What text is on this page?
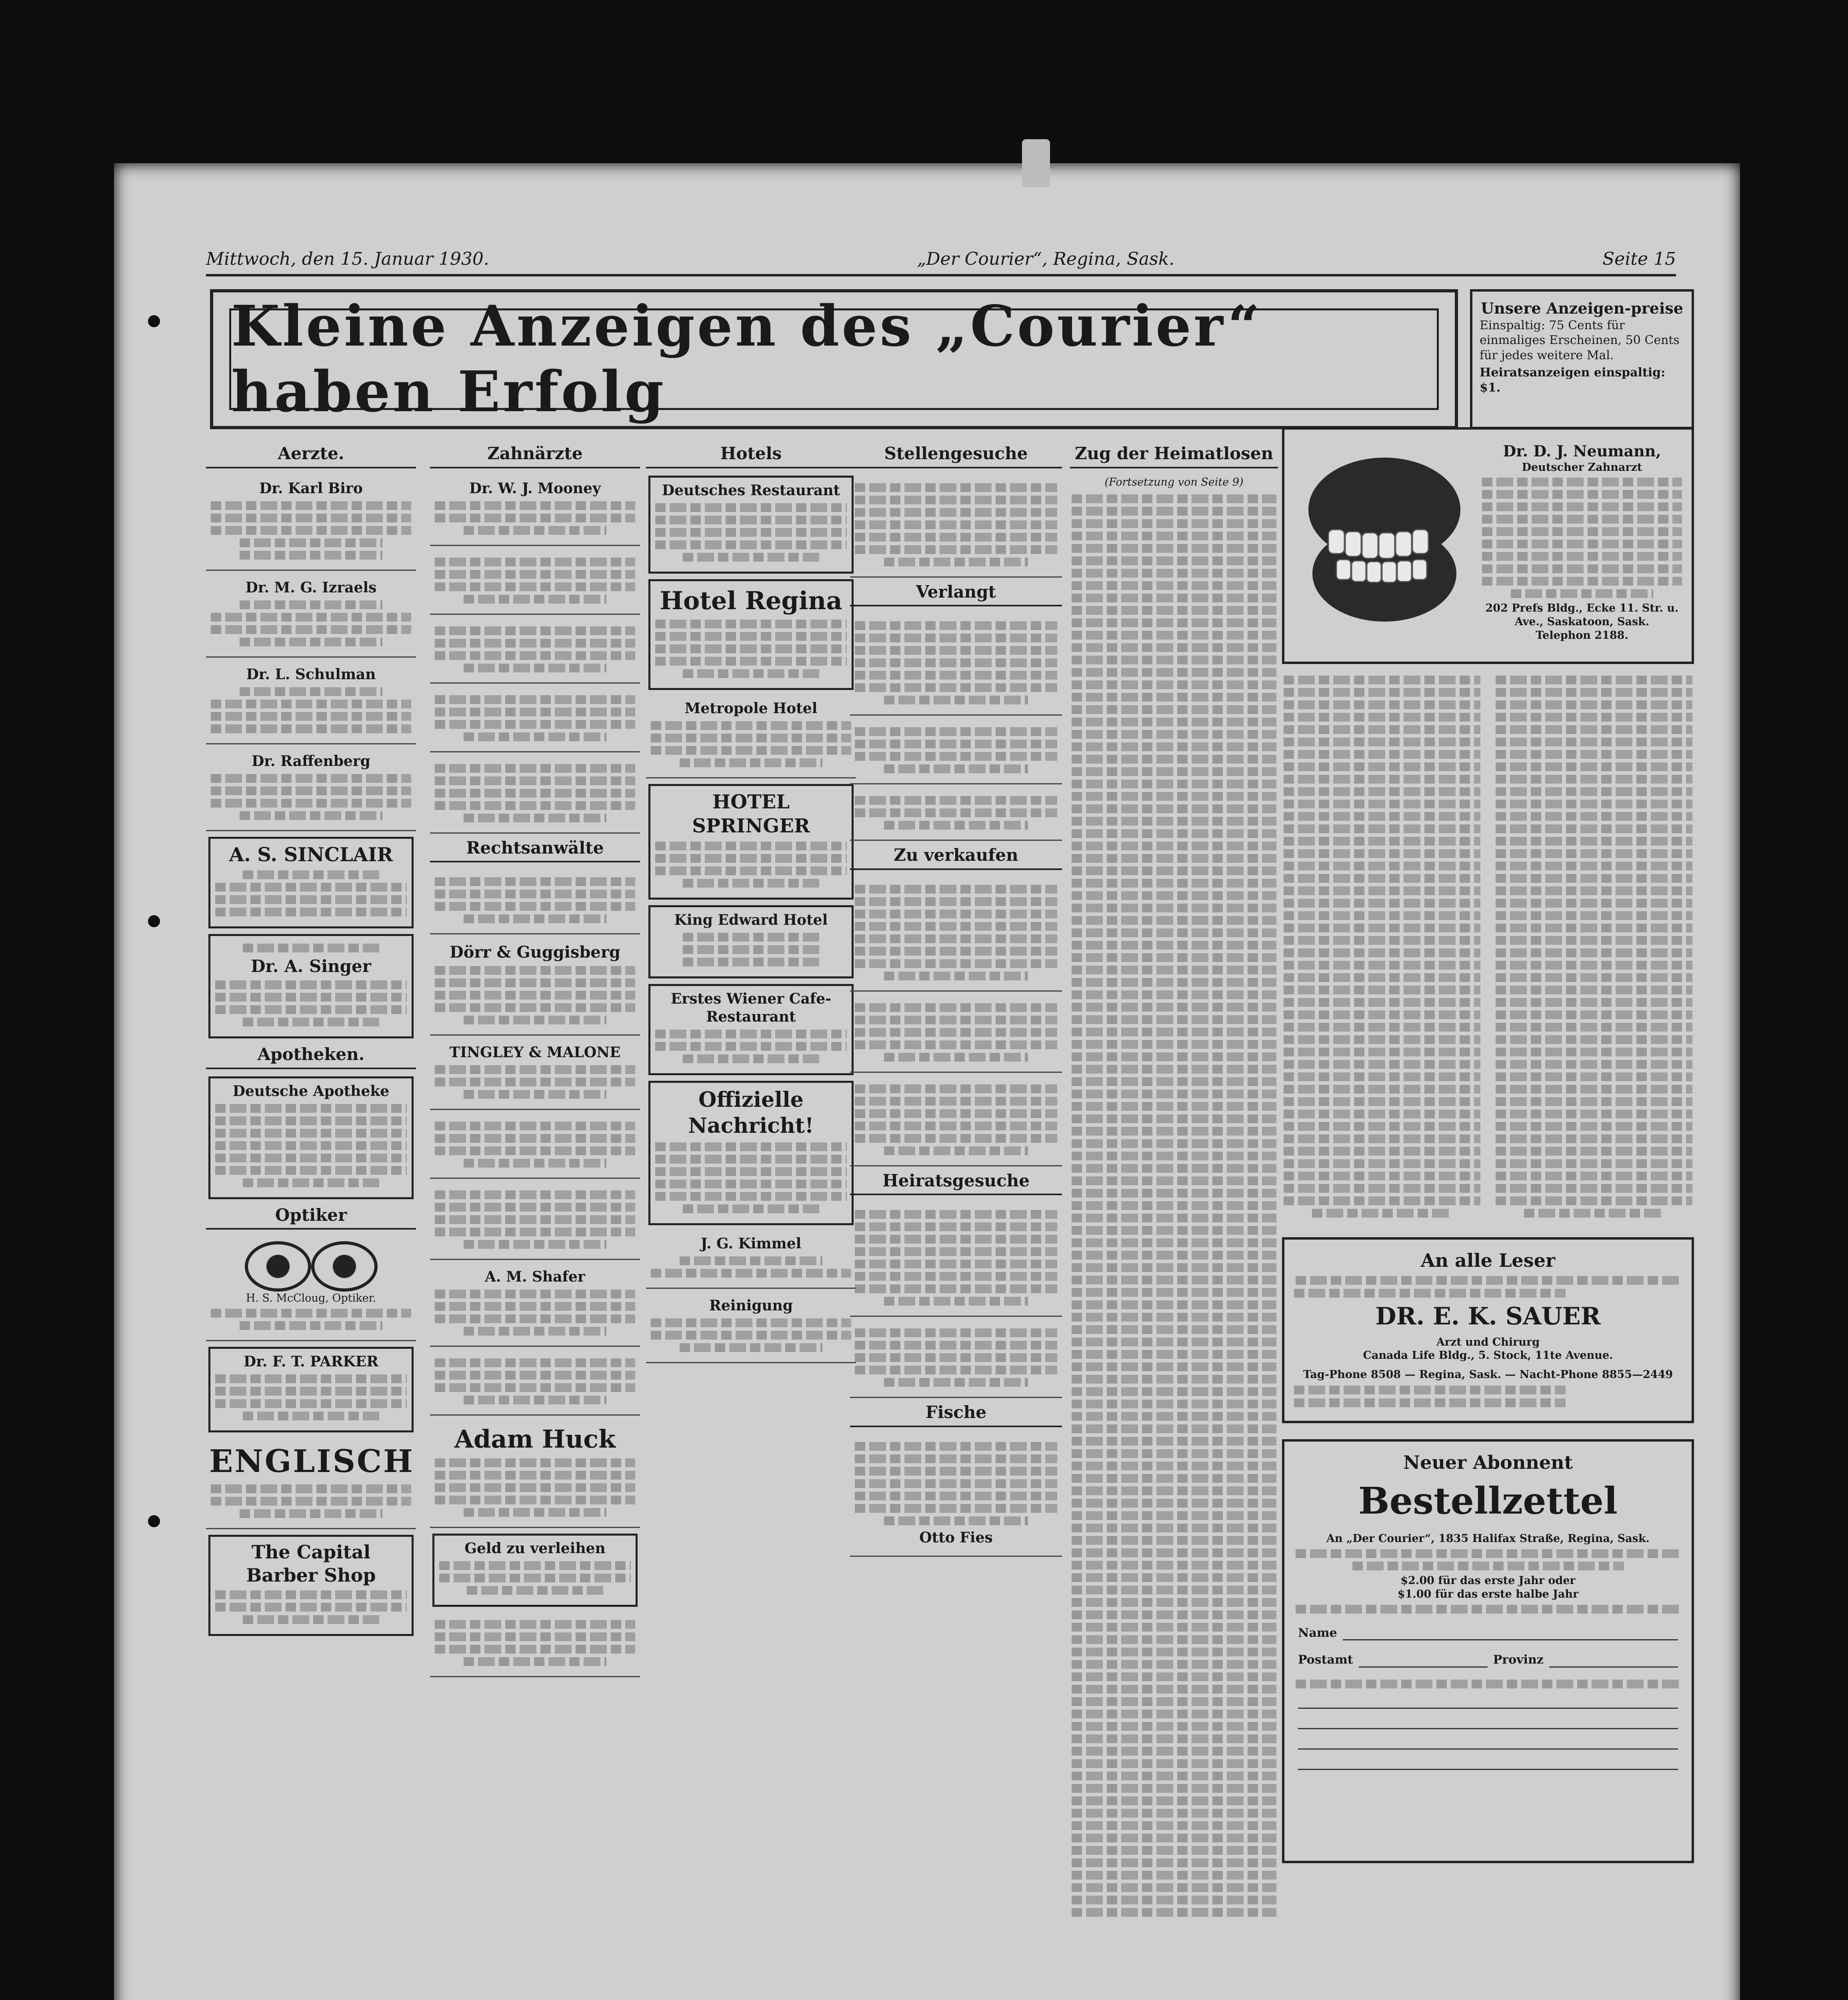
Mittwoch, den 15. Januar 1930.	„Der Courier“, Regina, Sask.	Seite 15
Kleine Anzeigen des „Courier“ haben Erfolg
Unsere Anzeigen-preise
Einspaltig: 75 Cents für einmaliges Erscheinen, 50 Cents für jedes weitere Mal.
Heiratsanzeigen einspaltig: $1.
Aerzte.
Dr. Karl Biro
Dr. M. G. Izraels
Dr. L. Schulman
Dr. Raffenberg
A. S. SINCLAIR
Dr. A. Singer
Apotheken.
Deutsche Apotheke
Optiker
H. S. McCloug, Optiker.
Dr. F. T. PARKER
ENGLISCH
The Capital Barber Shop
Zahnärzte
Dr. W. J. Mooney
Rechtsanwälte
Dörr & Guggisberg
TINGLEY & MALONE
A. M. Shafer
Adam Huck
Geld zu verleihen
Hotels
Deutsches Restaurant
Hotel Regina
Metropole Hotel
HOTEL SPRINGER
King Edward Hotel
Erstes Wiener Cafe-Restaurant
Offizielle Nachricht!
J. G. Kimmel
Reinigung
Stellengesuche
Verlangt
Zu verkaufen
Heiratsgesuche
Fische
Otto Fies
Zug der Heimatlosen
(Fortsetzung von Seite 9)
Dr. D. J. Neumann,
Deutscher Zahnarzt
202 Prefs Bldg., Ecke 11. Str. u. Ave., Saskatoon, Sask.
Telephon 2188.
An alle Leser
DR. E. K. SAUER
Arzt und Chirurg
Canada Life Bldg., 5. Stock, 11te Avenue.
Tag-Phone 8508 — Regina, Sask. — Nacht-Phone 8855—2449
Neuer Abonnent
Bestellzettel
An „Der Courier“, 1835 Halifax Straße, Regina, Sask.
$2.00 für das erste Jahr oder
$1.00 für das erste halbe Jahr
Name
Postamt	Provinz
